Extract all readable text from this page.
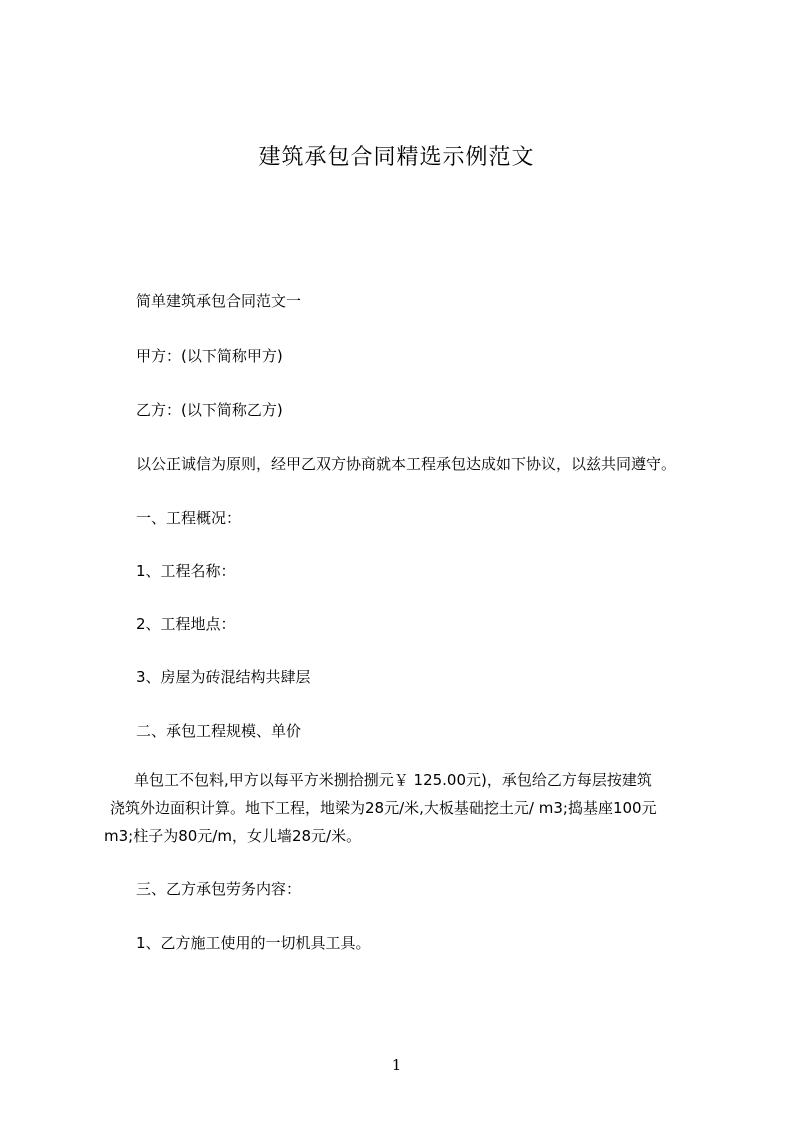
建筑承包合同精选示例范文
简单建筑承包合同范文一
甲方：(以下简称甲方)
乙方：(以下简称乙方)
以公正诚信为原则，经甲乙双方协商就本工程承包达成如下协议，以兹共同遵守。
一、工程概况：
1、工程名称：
2、工程地点：
3、房屋为砖混结构共肆层
二、承包工程规模、单价
单包工不包料,甲方以每平方米捌拾捌元￥ 125.00元)，承包给乙方每层按建筑
浇筑外边面积计算。地下工程，地梁为28元/米,大板基础挖土元/ m3;捣基座100元
m3;柱子为80元/m，女儿墙28元/米。
三、乙方承包劳务内容：
1、乙方施工使用的一切机具工具。
1
